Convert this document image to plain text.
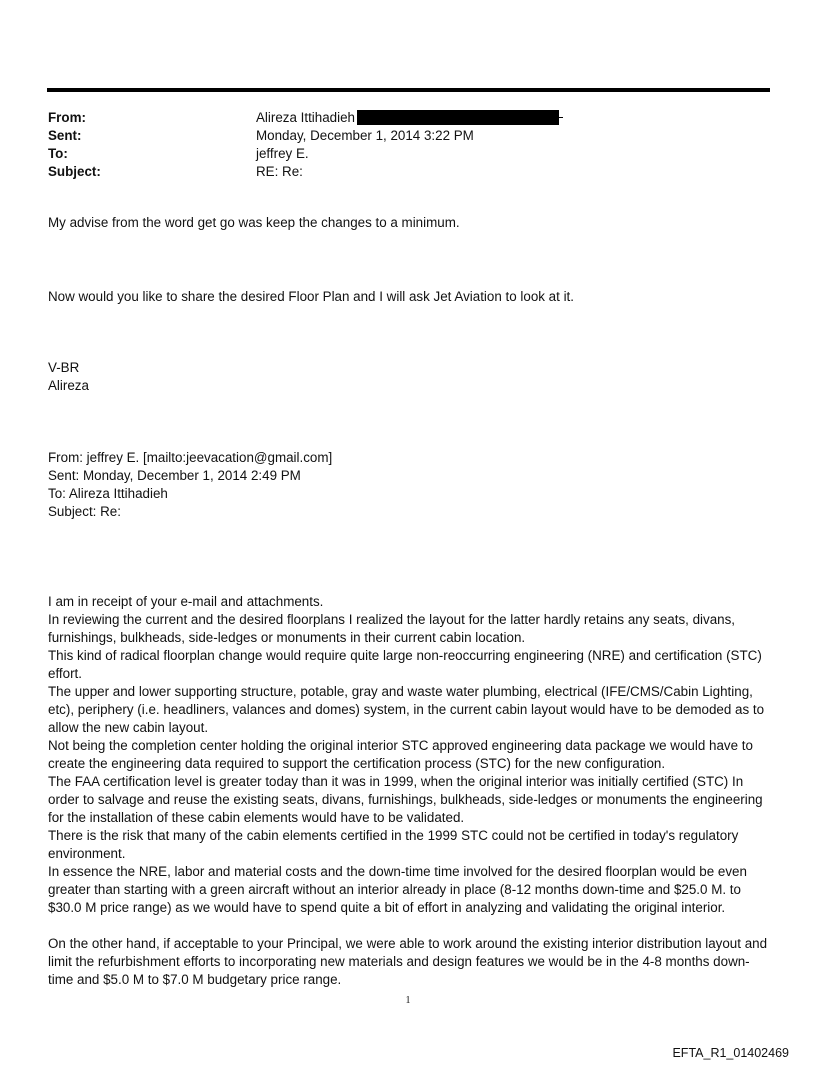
From:	Alireza Ittihadieh
Sent:	Monday, December 1, 2014 3:22 PM
To:	jeffrey E.
Subject:	RE: Re:

My advise from the word get go was keep the changes to a minimum.

Now would you like to share the desired Floor Plan and I will ask Jet Aviation to look at it.

V-BR

Alireza

From: jeffrey E. [mailto:jeevacation@gmail.com]

Sent: Monday, December 1, 2014 2:49 PM

To: Alireza Ittihadieh

Subject: Re:

I am in receipt of your e-mail and attachments.

In reviewing the current and the desired floorplans I realized the layout for the latter hardly retains any seats, divans, furnishings, bulkheads, side-ledges or monuments in their current cabin location.

This kind of radical floorplan change would require quite large non-reoccurring engineering (NRE) and certification (STC) effort.

The upper and lower supporting structure, potable, gray and waste water plumbing, electrical (IFE/CMS/Cabin Lighting, etc), periphery (i.e. headliners, valances and domes) system, in the current cabin layout would have to be demoded as to allow the new cabin layout.

Not being the completion center holding the original interior STC approved engineering data package we would have to create the engineering data required to support the certification process (STC) for the new configuration.

The FAA certification level is greater today than it was in 1999, when the original interior was initially certified (STC) In order to salvage and reuse the existing seats, divans, furnishings, bulkheads, side-ledges or monuments the engineering for the installation of these cabin elements would have to be validated.

There is the risk that many of the cabin elements certified in the 1999 STC could not be certified in today's regulatory environment.

In essence the NRE, labor and material costs and the down-time time involved for the desired floorplan would be even greater than starting with a green aircraft without an interior already in place (8-12 months down-time and $25.0 M. to $30.0 M price range) as we would have to spend quite a bit of effort in analyzing and validating the original interior.

On the other hand, if acceptable to your Principal, we were able to work around the existing interior distribution layout and limit the refurbishment efforts to incorporating new materials and design features we would be in the 4-8 months down-time and $5.0 M to $7.0 M budgetary price range.

1
EFTA_R1_01402469
